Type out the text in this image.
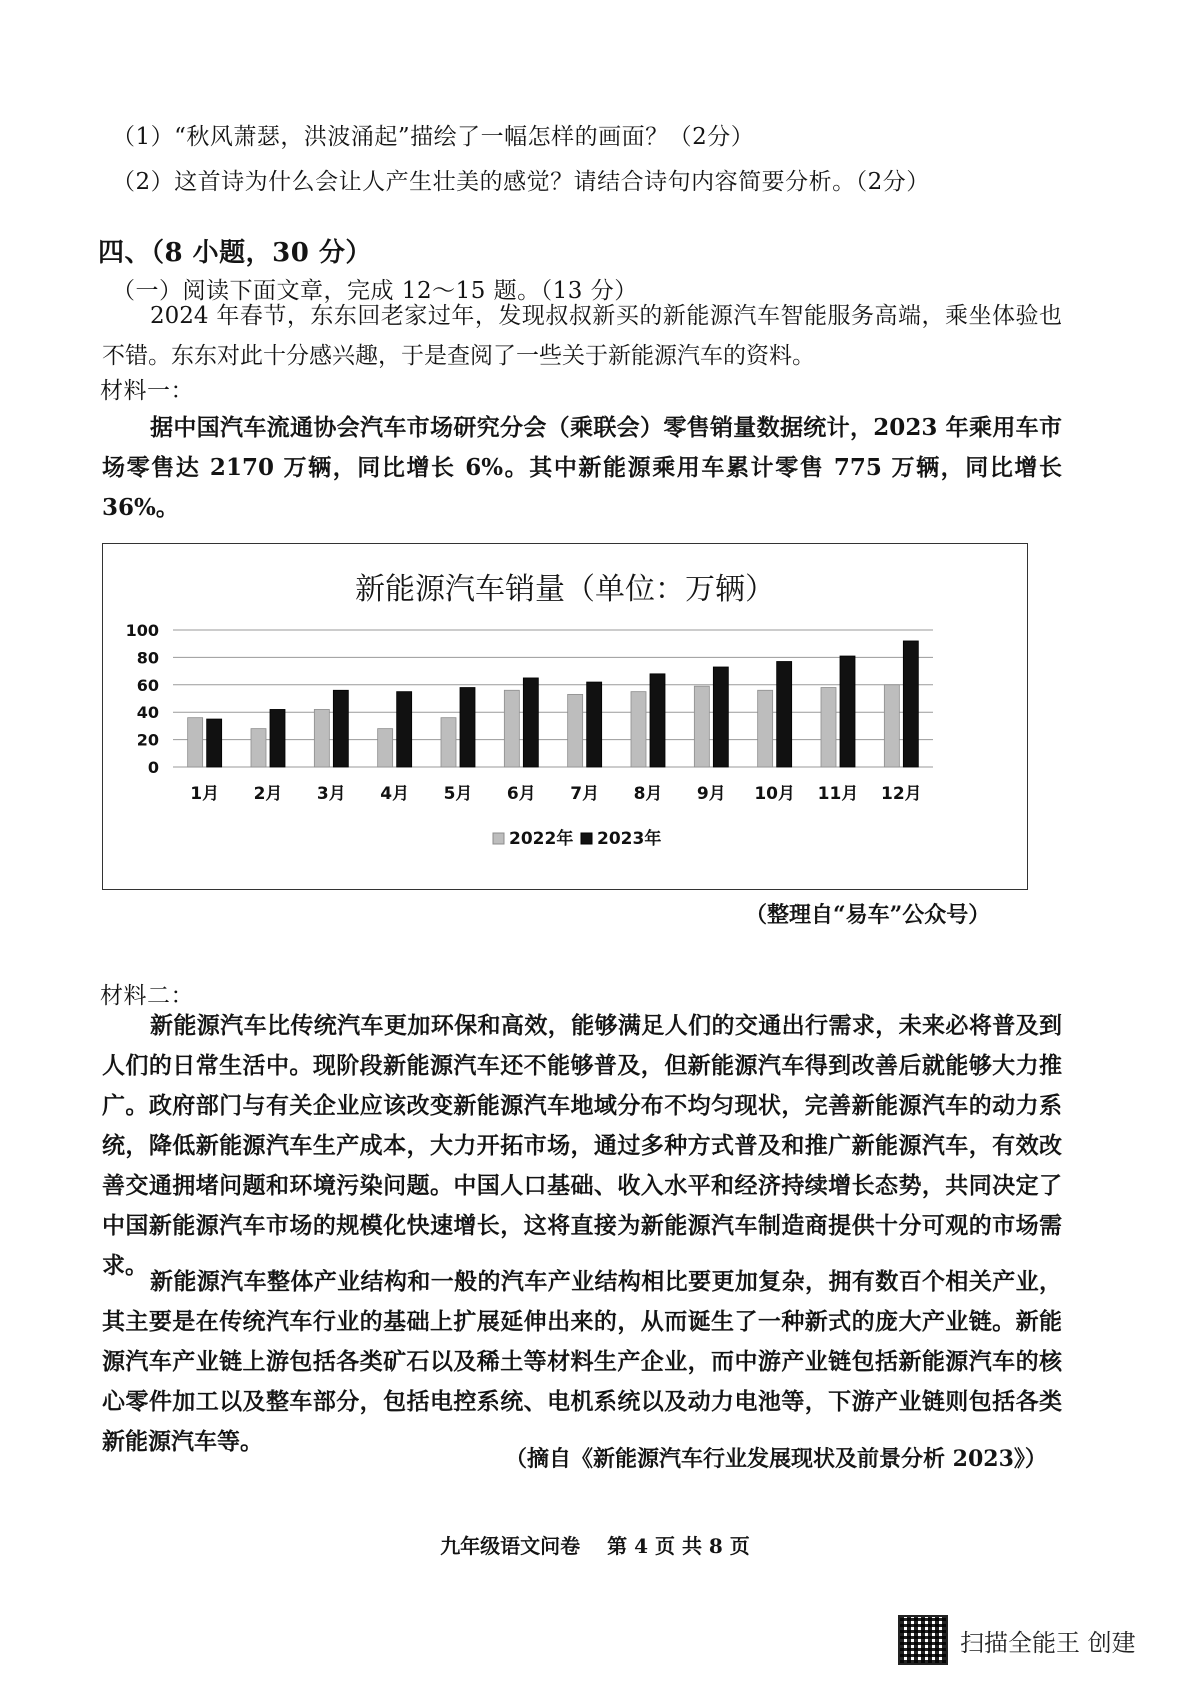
（1）“秋风萧瑟，洪波涌起”描绘了一幅怎样的画面？（2分）
（2）这首诗为什么会让人产生壮美的感觉？请结合诗句内容简要分析。（2分）
四、（8 小题，30 分）
（一）阅读下面文章，完成 12～15 题。（13 分）
2024 年春节，东东回老家过年，发现叔叔新买的新能源汽车智能服务高端，乘坐体验也不错。东东对此十分感兴趣，于是查阅了一些关于新能源汽车的资料。
材料一：
据中国汽车流通协会汽车市场研究分会（乘联会）零售销量数据统计，2023 年乘用车市场零售达 2170 万辆，同比增长 6%。其中新能源乘用车累计零售 775 万辆，同比增长 36%。
新能源汽车销量（单位：万辆）
0
20
40
60
80
100
1月 2月 3月 4月 5月 6月 7月 8月 9月 10月 11月 12月
2022年 2023年
（整理自“易车”公众号）
材料二：
新能源汽车比传统汽车更加环保和高效，能够满足人们的交通出行需求，未来必将普及到人们的日常生活中。现阶段新能源汽车还不能够普及，但新能源汽车得到改善后就能够大力推广。政府部门与有关企业应该改变新能源汽车地域分布不均匀现状，完善新能源汽车的动力系统，降低新能源汽车生产成本，大力开拓市场，通过多种方式普及和推广新能源汽车，有效改善交通拥堵问题和环境污染问题。中国人口基础、收入水平和经济持续增长态势，共同决定了中国新能源汽车市场的规模化快速增长，这将直接为新能源汽车制造商提供十分可观的市场需求。
新能源汽车整体产业结构和一般的汽车产业结构相比要更加复杂，拥有数百个相关产业，其主要是在传统汽车行业的基础上扩展延伸出来的，从而诞生了一种新式的庞大产业链。新能源汽车产业链上游包括各类矿石以及稀土等材料生产企业，而中游产业链包括新能源汽车的核心零件加工以及整车部分，包括电控系统、电机系统以及动力电池等，下游产业链则包括各类新能源汽车等。
（摘自《新能源汽车行业发展现状及前景分析 2023》）
九年级语文问卷　 第 4 页 共 8 页
扫描全能王 创建
